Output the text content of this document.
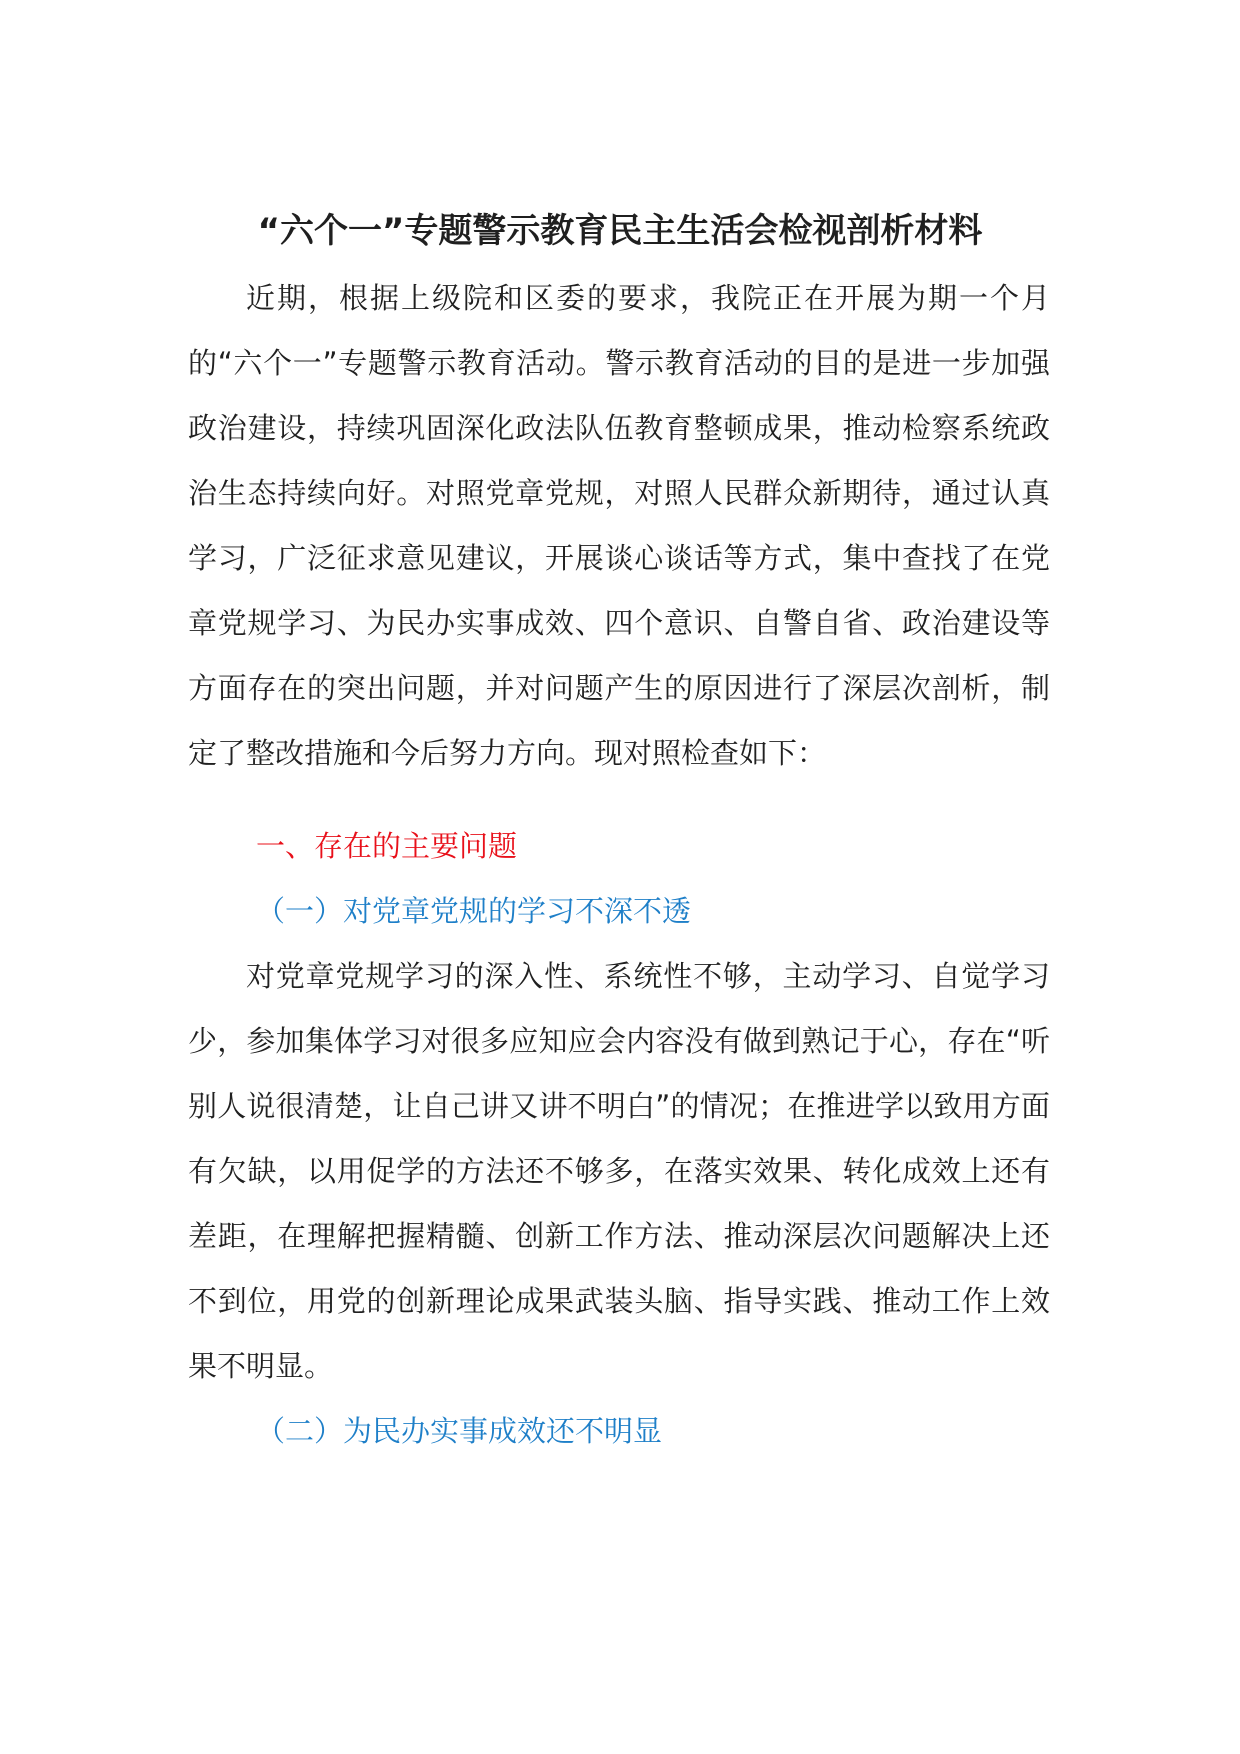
“六个一”专题警示教育民主生活会检视剖析材料

近期，根据上级院和区委的要求，我院正在开展为期一个月的“六个一”专题警示教育活动。警示教育活动的目的是进一步加强政治建设，持续巩固深化政法队伍教育整顿成果，推动检察系统政治生态持续向好。对照党章党规，对照人民群众新期待，通过认真学习，广泛征求意见建议，开展谈心谈话等方式，集中查找了在党章党规学习、为民办实事成效、四个意识、自警自省、政治建设等方面存在的突出问题，并对问题产生的原因进行了深层次剖析，制定了整改措施和今后努力方向。现对照检查如下：

一、存在的主要问题

（一）对党章党规的学习不深不透

对党章党规学习的深入性、系统性不够，主动学习、自觉学习少，参加集体学习对很多应知应会内容没有做到熟记于心，存在“听别人说很清楚，让自己讲又讲不明白”的情况；在推进学以致用方面有欠缺，以用促学的方法还不够多，在落实效果、转化成效上还有差距，在理解把握精髓、创新工作方法、推动深层次问题解决上还不到位，用党的创新理论成果武装头脑、指导实践、推动工作上效果不明显。

（二）为民办实事成效还不明显
